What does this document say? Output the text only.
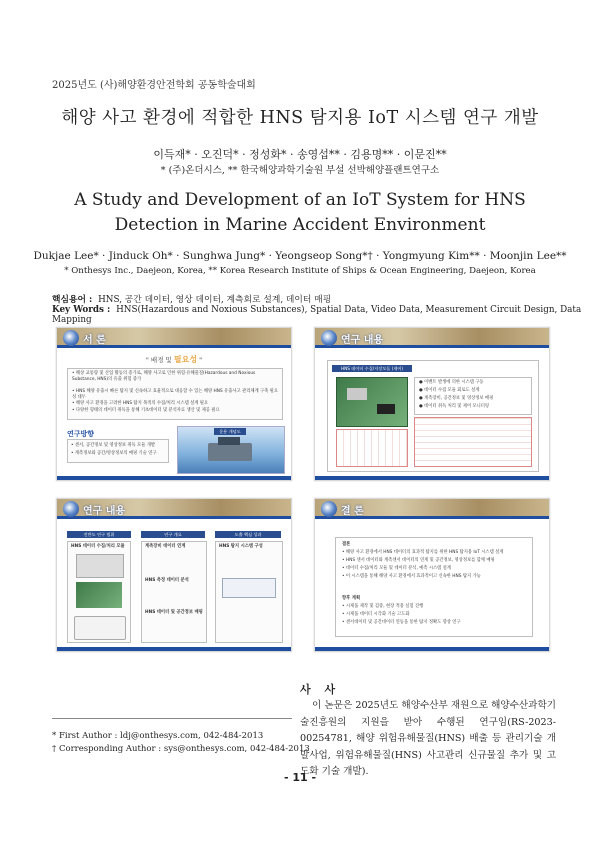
2025년도 (사)해양환경안전학회 공동학술대회
해양 사고 환경에 적합한 HNS 탐지용 IoT 시스템 연구 개발
이득재* · 오진덕* · 정성화* · 송영섭** · 김용명** · 이문진**
* (주)온더시스, ** 한국해양과학기술원 부설 선박해양플랜트연구소
A Study and Development of an IoT System for HNS Detection in Marine Accident Environment
Dukjae Lee* · Jinduck Oh* · Sunghwa Jung* · Yeongseop Song*† · Yongmyung Kim** · Moonjin Lee**
* Onthesys Inc., Daejeon, Korea, ** Korea Research Institute of Ships & Ocean Engineering, Daejeon, Korea
핵심용어 : HNS, 공간 데이터, 영상 데이터, 계측회로 설계, 데이터 매핑
Key Words : HNS(Hazardous and Noxious Substances), Spatial Data, Video Data, Measurement Circuit Design, Data Mapping
서 론
" 배경 및 필요성 "
• 해상 교통량 및 산업 활동의 증가로, 해양 사고로 인한 위험·유해물질(Hazardous and Noxious Substance, HNS)의 유출 위험 증가
• HNS 해양 유출시 빠른 탐지 및 신속하고 효율적으로 대응할 수 있는 해양 HNS 유출사고 관리체계 구축 필요성 대두
• 해양 사고 환경을 고려한 HNS 탐지 목적의 수집/처리 시스템 설계 필요
• 다양한 형태의 데이터 취득을 통해 기초데이터 및 분석자료 생산 및 제공 필요
연구방향
• 센서, 공간정보 및 영상정보 취득 모듈 개발
• 계측정보와 공간/영상정보의 매핑 기술 연구
운용 개념도
연구 내용
HNS 데이터 수집/저장모듈 (제어)
● 이벤트 발생에 의한 시스템 구동
● 데이터 수집 모듈 회로도 설계
● 계측장비, 공간정보 및 영상정보 매핑
● 데이터 취득 처리 및 제어 모니터링
연구 내용
전반도 연구 범위	연구 개요	도출 핵심 성과
HNS 데이터 수집/처리 모듈	계측장비 데이터 연계
HNS 측정 데이터 분석
HNS 데이터 및 공간정보 매핑
HNS 탐지 시스템 구성
결 론
결론
• 해양 사고 환경에서 HNS 데이터의 효과적 탐지를 위한 HNS 탐지용 IoT 시스템 설계
• HNS 센서 데이터와 계측센서 데이터의 연계 및 공간정보, 영상정보를 함께 매핑
• 데이터 수집/처리 모듈 및 데이터 분석, 예측 시스템 설계
• 이 시스템을 통해 해양 사고 환경에서 효과적이고 신속한 HNS 탐지 가능
향후 계획
• 시제품 제작 및 검증, 현장 적용 실험 진행
• 시제품 데이터 시각화 기술 고도화
• 센서데이터 및 공간데이터 연동을 통한 탐지 정확도 향상 연구
사 사
이 논문은 2025년도 해양수산부 재원으로 해양수산과학기술진흥원의 지원을 받아 수행된 연구임(RS-2023-00254781, 해양 위험유해물질(HNS) 배출 등 관리기술 개발사업, 위험유해물질(HNS) 사고관리 신규물질 추가 및 고도화 기술 개발).
* First Author : ldj@onthesys.com, 042-484-2013
† Corresponding Author : sys@onthesys.com, 042-484-2013
- 11 -
